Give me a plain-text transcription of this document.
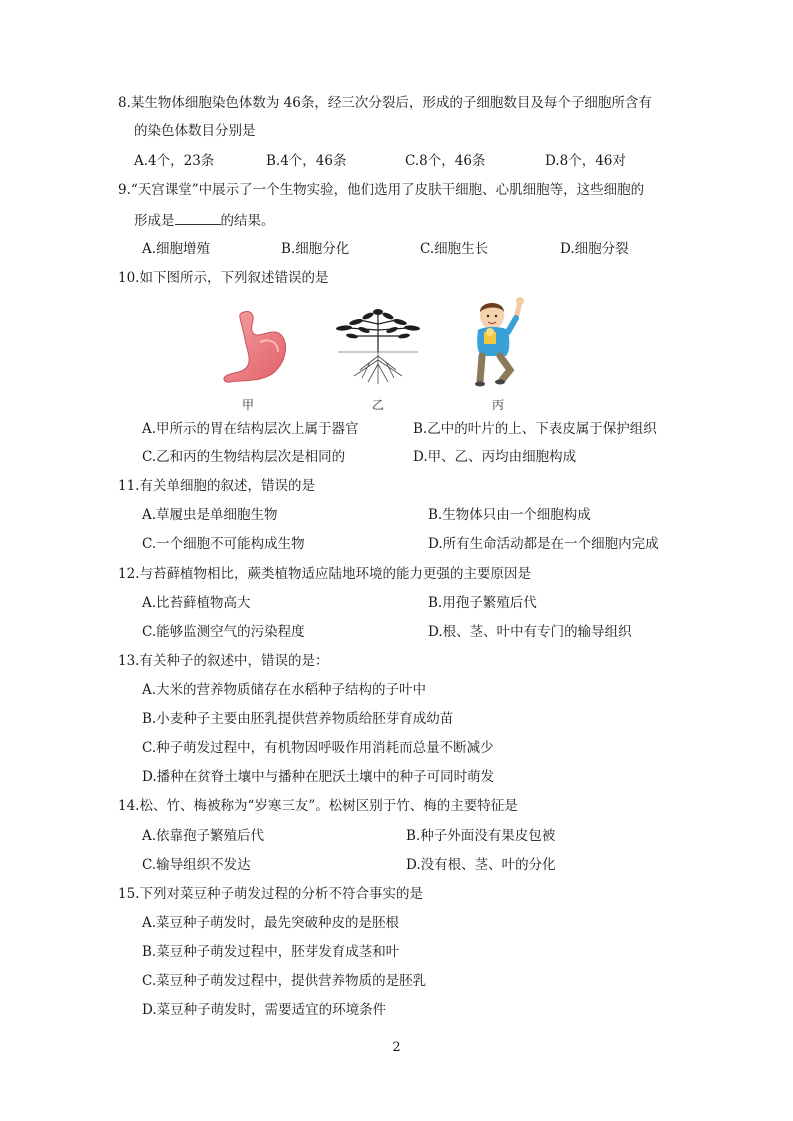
8.某生物体细胞染色体数为 46条，经三次分裂后，形成的子细胞数目及每个子细胞所含有
的染色体数目分别是
A.4个，23条	B.4个，46条	C.8个，46条	D.8个，46对
9.“天宫课堂”中展示了一个生物实验，他们选用了皮肤干细胞、心肌细胞等，这些细胞的
形成是	的结果。
A.细胞增殖	B.细胞分化	C.细胞生长	D.细胞分裂
10.如下图所示，下列叙述错误的是
甲	乙	丙
A.甲所示的胃在结构层次上属于器官	B.乙中的叶片的上、下表皮属于保护组织
C.乙和丙的生物结构层次是相同的	D.甲、乙、丙均由细胞构成
11.有关单细胞的叙述，错误的是
A.草履虫是单细胞生物	B.生物体只由一个细胞构成
C.一个细胞不可能构成生物	D.所有生命活动都是在一个细胞内完成
12.与苔藓植物相比，蕨类植物适应陆地环境的能力更强的主要原因是
A.比苔藓植物高大	B.用孢子繁殖后代
C.能够监测空气的污染程度	D.根、茎、叶中有专门的输导组织
13.有关种子的叙述中，错误的是：
A.大米的营养物质储存在水稻种子结构的子叶中
B.小麦种子主要由胚乳提供营养物质给胚芽育成幼苗
C.种子萌发过程中，有机物因呼吸作用消耗而总量不断减少
D.播种在贫脊土壤中与播种在肥沃土壤中的种子可同时萌发
14.松、竹、梅被称为“岁寒三友”。松树区别于竹、梅的主要特征是
A.依靠孢子繁殖后代	B.种子外面没有果皮包被
C.输导组织不发达	D.没有根、茎、叶的分化
15.下列对菜豆种子萌发过程的分析不符合事实的是
A.菜豆种子萌发时，最先突破种皮的是胚根
B.菜豆种子萌发过程中，胚芽发育成茎和叶
C.菜豆种子萌发过程中，提供营养物质的是胚乳
D.菜豆种子萌发时，需要适宜的环境条件
2
